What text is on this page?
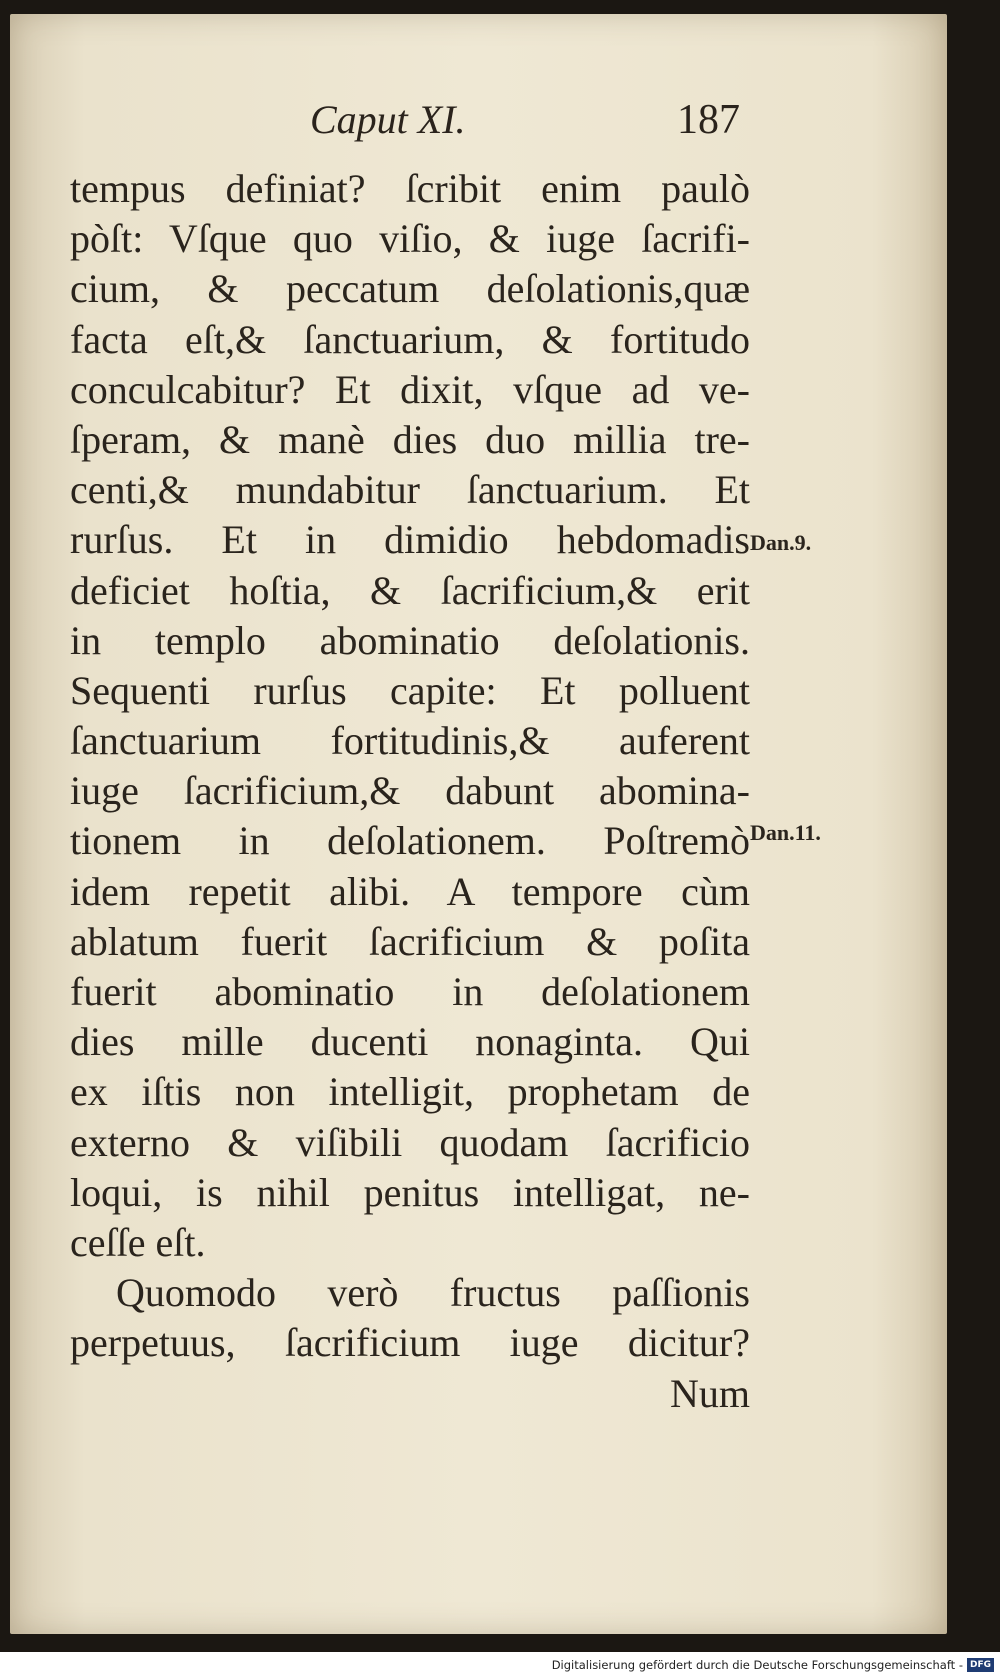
Caput XI.	187
tempus definiat? ſcribit enim paulò
pòſt: Vſque quo viſio, & iuge ſacrifi-
cium, & peccatum deſolationis,quæ
facta eſt,& ſanctuarium, & fortitudo
conculcabitur? Et dixit, vſque ad ve-
ſperam, & manè dies duo millia tre-
centi,& mundabitur ſanctuarium. Et
rurſus. Et in dimidio hebdomadis
deficiet hoſtia, & ſacrificium,& erit
in templo abominatio deſolationis.
Sequenti rurſus capite: Et polluent
ſanctuarium fortitudinis,& auferent
iuge ſacrificium,& dabunt abomina-
tionem in deſolationem. Poſtremò
idem repetit alibi. A tempore cùm
ablatum fuerit ſacrificium & poſita
fuerit abominatio in deſolationem
dies mille ducenti nonaginta. Qui
ex iſtis non intelligit, prophetam de
externo & viſibili quodam ſacrificio
loqui, is nihil penitus intelligat, ne-
ceſſe eſt.
Quomodo verò fructus paſſionis
perpetuus, ſacrificium iuge dicitur?
Num
Dan.9.
Dan.11.
Digitalisierung gefördert durch die Deutsche Forschungsgemeinschaft - DFG
